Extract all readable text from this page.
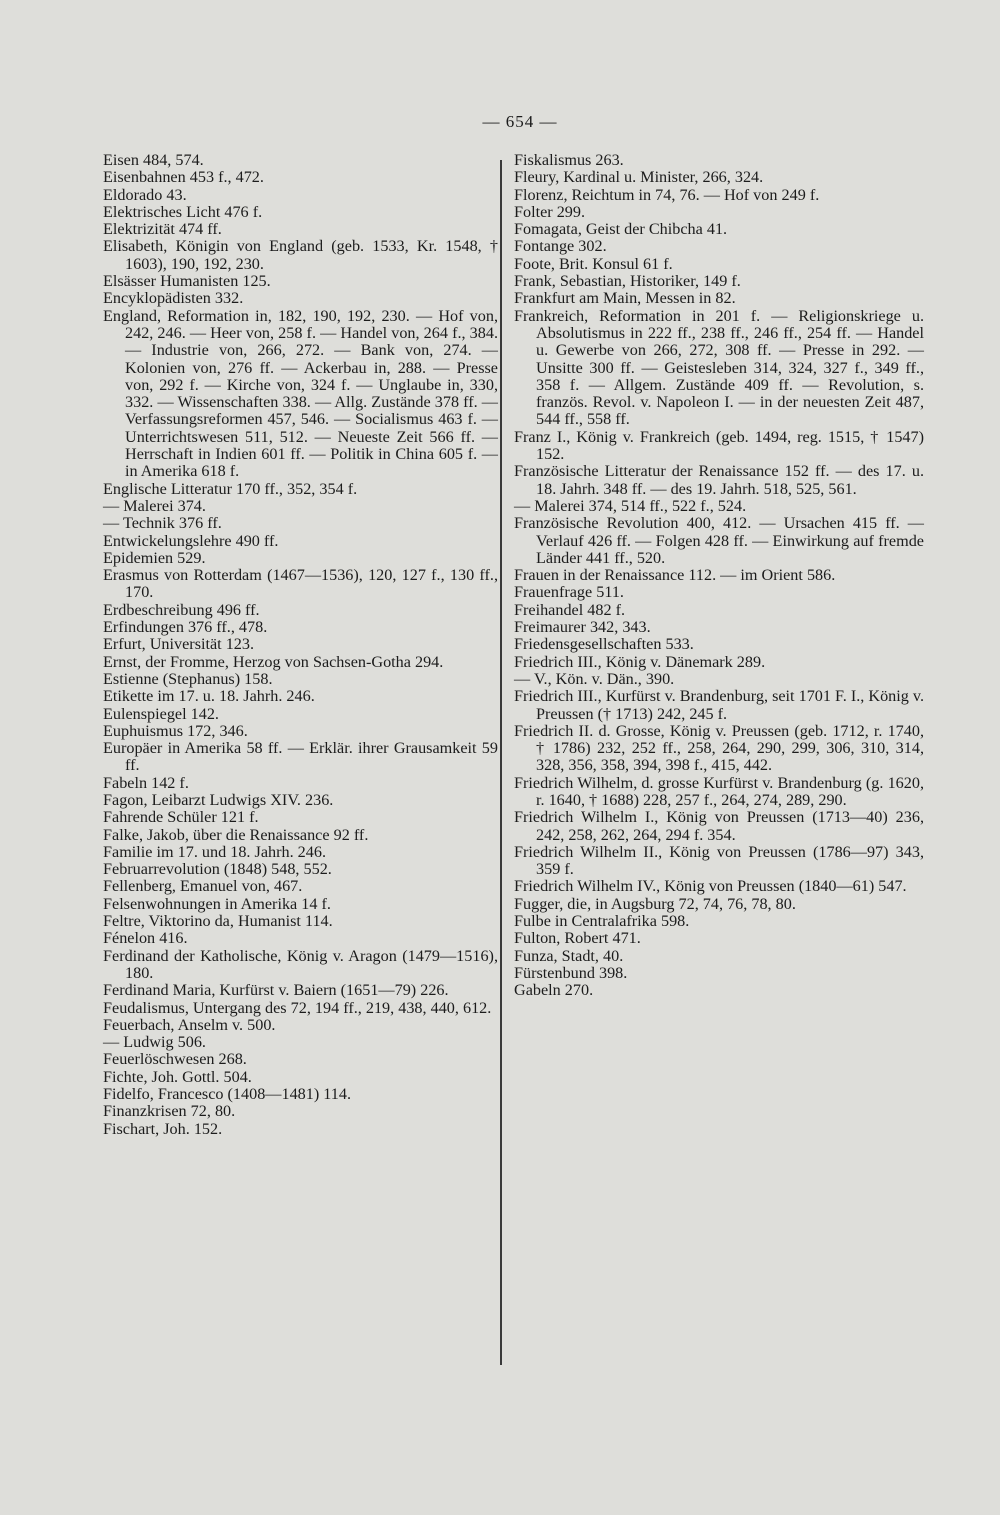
— 654 —
Eisen 484, 574.
Eisenbahnen 453 f., 472.
Eldorado 43.
Elektrisches Licht 476 f.
Elektrizität 474 ff.
Elisabeth, Königin von England (geb. 1533, Kr. 1548, † 1603), 190, 192, 230.
Elsässer Humanisten 125.
Encyklopädisten 332.
England, Reformation in, 182, 190, 192, 230. — Hof von, 242, 246. — Heer von, 258 f. — Handel von, 264 f., 384. — Industrie von, 266, 272. — Bank von, 274. — Kolonien von, 276 ff. — Ackerbau in, 288. — Presse von, 292 f. — Kirche von, 324 f. — Unglaube in, 330, 332. — Wissenschaften 338. — Allg. Zustände 378 ff. — Verfassungsreformen 457, 546. — Socialismus 463 f. — Unterrichtswesen 511, 512. — Neueste Zeit 566 ff. — Herrschaft in Indien 601 ff. — Politik in China 605 f. — in Amerika 618 f.
Englische Litteratur 170 ff., 352, 354 f.
— Malerei 374.
— Technik 376 ff.
Entwickelungslehre 490 ff.
Epidemien 529.
Erasmus von Rotterdam (1467—1536), 120, 127 f., 130 ff., 170.
Erdbeschreibung 496 ff.
Erfindungen 376 ff., 478.
Erfurt, Universität 123.
Ernst, der Fromme, Herzog von Sachsen-Gotha 294.
Estienne (Stephanus) 158.
Etikette im 17. u. 18. Jahrh. 246.
Eulenspiegel 142.
Euphuismus 172, 346.
Europäer in Amerika 58 ff. — Erklär. ihrer Grausamkeit 59 ff.
Fabeln 142 f.
Fagon, Leibarzt Ludwigs XIV. 236.
Fahrende Schüler 121 f.
Falke, Jakob, über die Renaissance 92 ff.
Familie im 17. und 18. Jahrh. 246.
Februarrevolution (1848) 548, 552.
Fellenberg, Emanuel von, 467.
Felsenwohnungen in Amerika 14 f.
Feltre, Viktorino da, Humanist 114.
Fénelon 416.
Ferdinand der Katholische, König v. Aragon (1479—1516), 180.
Ferdinand Maria, Kurfürst v. Baiern (1651—79) 226.
Feudalismus, Untergang des 72, 194 ff., 219, 438, 440, 612.
Feuerbach, Anselm v. 500.
— Ludwig 506.
Feuerlöschwesen 268.
Fichte, Joh. Gottl. 504.
Fidelfo, Francesco (1408—1481) 114.
Finanzkrisen 72, 80.
Fischart, Joh. 152.
Fiskalismus 263.
Fleury, Kardinal u. Minister, 266, 324.
Florenz, Reichtum in 74, 76. — Hof von 249 f.
Folter 299.
Fomagata, Geist der Chibcha 41.
Fontange 302.
Foote, Brit. Konsul 61 f.
Frank, Sebastian, Historiker, 149 f.
Frankfurt am Main, Messen in 82.
Frankreich, Reformation in 201 f. — Religionskriege u. Absolutismus in 222 ff., 238 ff., 246 ff., 254 ff. — Handel u. Gewerbe von 266, 272, 308 ff. — Presse in 292. — Unsitte 300 ff. — Geistesleben 314, 324, 327 f., 349 ff., 358 f. — Allgem. Zustände 409 ff. — Revolution, s. französ. Revol. v. Napoleon I. — in der neuesten Zeit 487, 544 ff., 558 ff.
Franz I., König v. Frankreich (geb. 1494, reg. 1515, † 1547) 152.
Französische Litteratur der Renaissance 152 ff. — des 17. u. 18. Jahrh. 348 ff. — des 19. Jahrh. 518, 525, 561.
— Malerei 374, 514 ff., 522 f., 524.
Französische Revolution 400, 412. — Ursachen 415 ff. — Verlauf 426 ff. — Folgen 428 ff. — Einwirkung auf fremde Länder 441 ff., 520.
Frauen in der Renaissance 112. — im Orient 586.
Frauenfrage 511.
Freihandel 482 f.
Freimaurer 342, 343.
Friedensgesellschaften 533.
Friedrich III., König v. Dänemark 289.
— V., Kön. v. Dän., 390.
Friedrich III., Kurfürst v. Brandenburg, seit 1701 F. I., König v. Preussen († 1713) 242, 245 f.
Friedrich II. d. Grosse, König v. Preussen (geb. 1712, r. 1740, † 1786) 232, 252 ff., 258, 264, 290, 299, 306, 310, 314, 328, 356, 358, 394, 398 f., 415, 442.
Friedrich Wilhelm, d. grosse Kurfürst v. Brandenburg (g. 1620, r. 1640, † 1688) 228, 257 f., 264, 274, 289, 290.
Friedrich Wilhelm I., König von Preussen (1713—40) 236, 242, 258, 262, 264, 294 f. 354.
Friedrich Wilhelm II., König von Preussen (1786—97) 343, 359 f.
Friedrich Wilhelm IV., König von Preussen (1840—61) 547.
Fugger, die, in Augsburg 72, 74, 76, 78, 80.
Fulbe in Centralafrika 598.
Fulton, Robert 471.
Funza, Stadt, 40.
Fürstenbund 398.
Gabeln 270.
